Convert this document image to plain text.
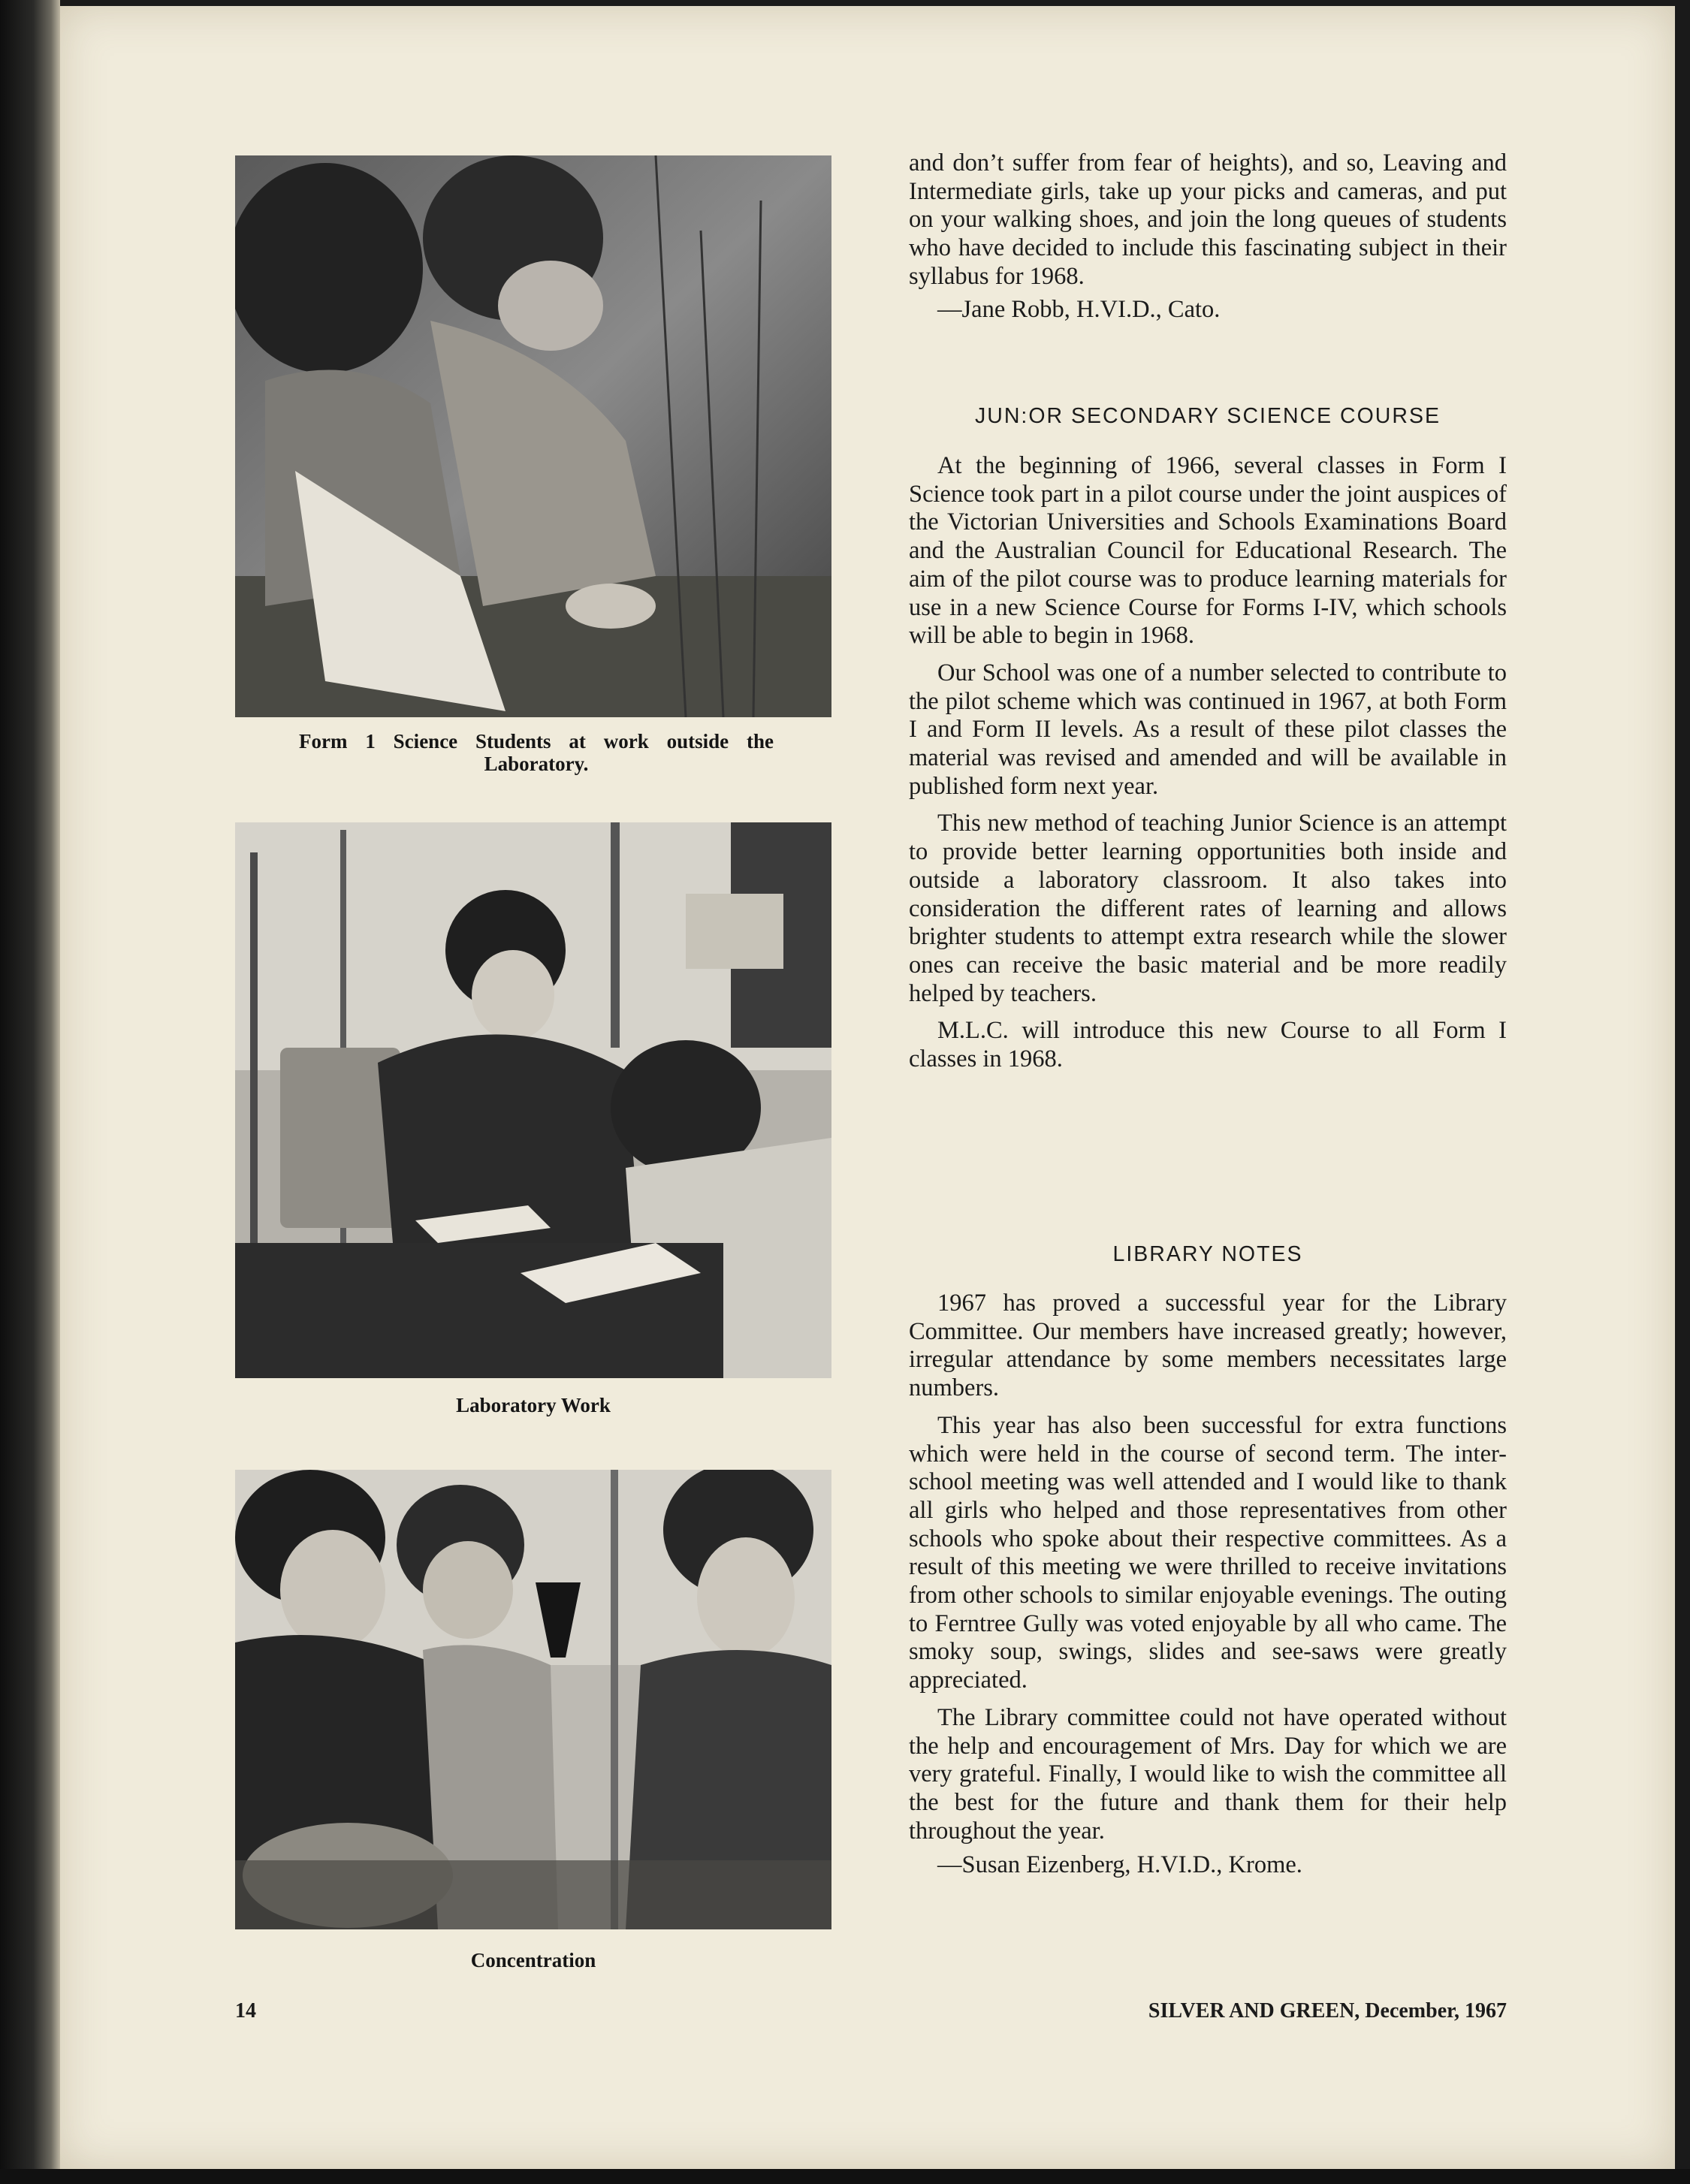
Form 1 Science Students at work outside the Laboratory.
Laboratory Work
Concentration

and don’t suffer from fear of heights), and so, Leaving and Intermediate girls, take up your picks and cameras, and put on your walking shoes, and join the long queues of students who have decided to include this fascinating subject in their syllabus for 1968.

—Jane Robb, H.VI.D., Cato.

JUN:OR SECONDARY SCIENCE COURSE

At the beginning of 1966, several classes in Form I Science took part in a pilot course under the joint auspices of the Victorian Universities and Schools Examinations Board and the Australian Council for Educational Research. The aim of the pilot course was to produce learning materials for use in a new Science Course for Forms I-IV, which schools will be able to begin in 1968.

Our School was one of a number selected to contribute to the pilot scheme which was continued in 1967, at both Form I and Form II levels. As a result of these pilot classes the material was revised and amended and will be available in published form next year.

This new method of teaching Junior Science is an attempt to provide better learning opportunities both inside and outside a laboratory classroom. It also takes into consideration the different rates of learning and allows brighter students to attempt extra research while the slower ones can receive the basic material and be more readily helped by teachers.

M.L.C. will introduce this new Course to all Form I classes in 1968.

LIBRARY NOTES

1967 has proved a successful year for the Library Committee. Our members have increased greatly; however, irregular attendance by some members necessitates large numbers.

This year has also been successful for extra functions which were held in the course of second term. The inter-school meeting was well attended and I would like to thank all girls who helped and those representatives from other schools who spoke about their respective committees. As a result of this meeting we were thrilled to receive invitations from other schools to similar enjoyable evenings. The outing to Ferntree Gully was voted enjoyable by all who came. The smoky soup, swings, slides and see-saws were greatly appreciated.

The Library committee could not have operated without the help and encouragement of Mrs. Day for which we are very grateful. Finally, I would like to wish the committee all the best for the future and thank them for their help throughout the year.

—Susan Eizenberg, H.VI.D., Krome.

14	SILVER AND GREEN, December, 1967
